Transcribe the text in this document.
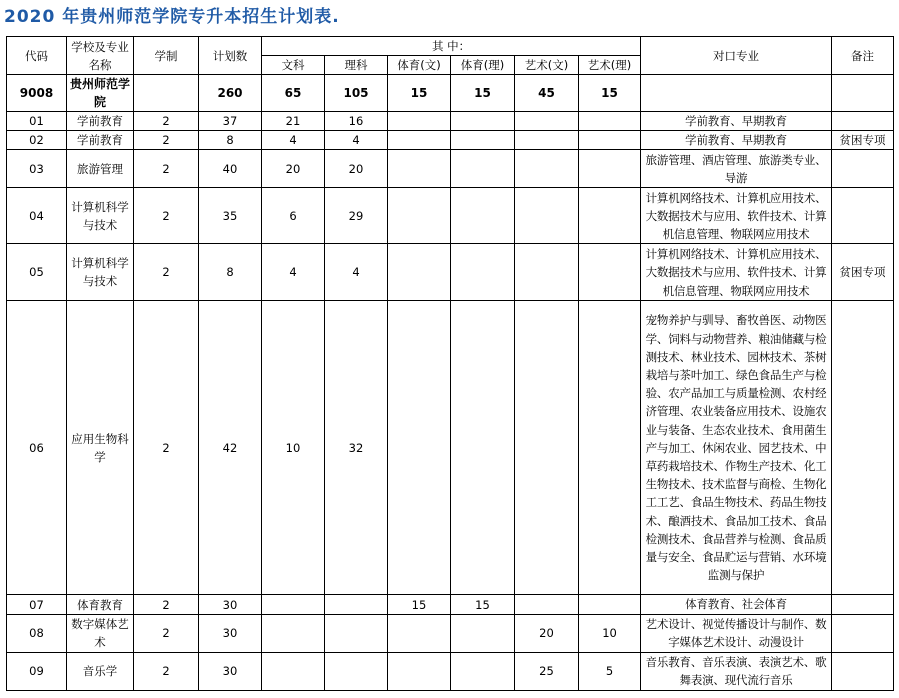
2020 年贵州师范学院专升本招生计划表.
代码	学校及专业名称	学制	计划数	其 中：						对口专业	备注
				文科	理科	体育(文)	体育(理)	艺术(文)	艺术(理)		
9008	贵州师范学院		260	65	105	15	15	45	15		
01	学前教育	2	37	21	16					学前教育、早期教育	
02	学前教育	2	8	4	4					学前教育、早期教育	贫困专项
03	旅游管理	2	40	20	20					旅游管理、酒店管理、旅游类专业、导游	
04	计算机科学与技术	2	35	6	29					计算机网络技术、计算机应用技术、大数据技术与应用、软件技术、计算机信息管理、物联网应用技术	
05	计算机科学与技术	2	8	4	4					计算机网络技术、计算机应用技术、大数据技术与应用、软件技术、计算机信息管理、物联网应用技术	贫困专项
06	应用生物科学	2	42	10	32					宠物养护与驯导、畜牧兽医、动物医学、饲料与动物营养、粮油储藏与检测技术、林业技术、园林技术、茶树栽培与茶叶加工、绿色食品生产与检验、农产品加工与质量检测、农村经济管理、农业装备应用技术、设施农业与装备、生态农业技术、食用菌生产与加工、休闲农业、园艺技术、中草药栽培技术、作物生产技术、化工生物技术、技术监督与商检、生物化工工艺、食品生物技术、药品生物技术、酿酒技术、食品加工技术、食品检测技术、食品营养与检测、食品质量与安全、食品贮运与营销、水环境监测与保护	
07	体育教育	2	30			15	15			体育教育、社会体育	
08	数字媒体艺术	2	30					20	10	艺术设计、视觉传播设计与制作、数字媒体艺术设计、动漫设计	
09	音乐学	2	30					25	5	音乐教育、音乐表演、表演艺术、歌舞表演、现代流行音乐	
